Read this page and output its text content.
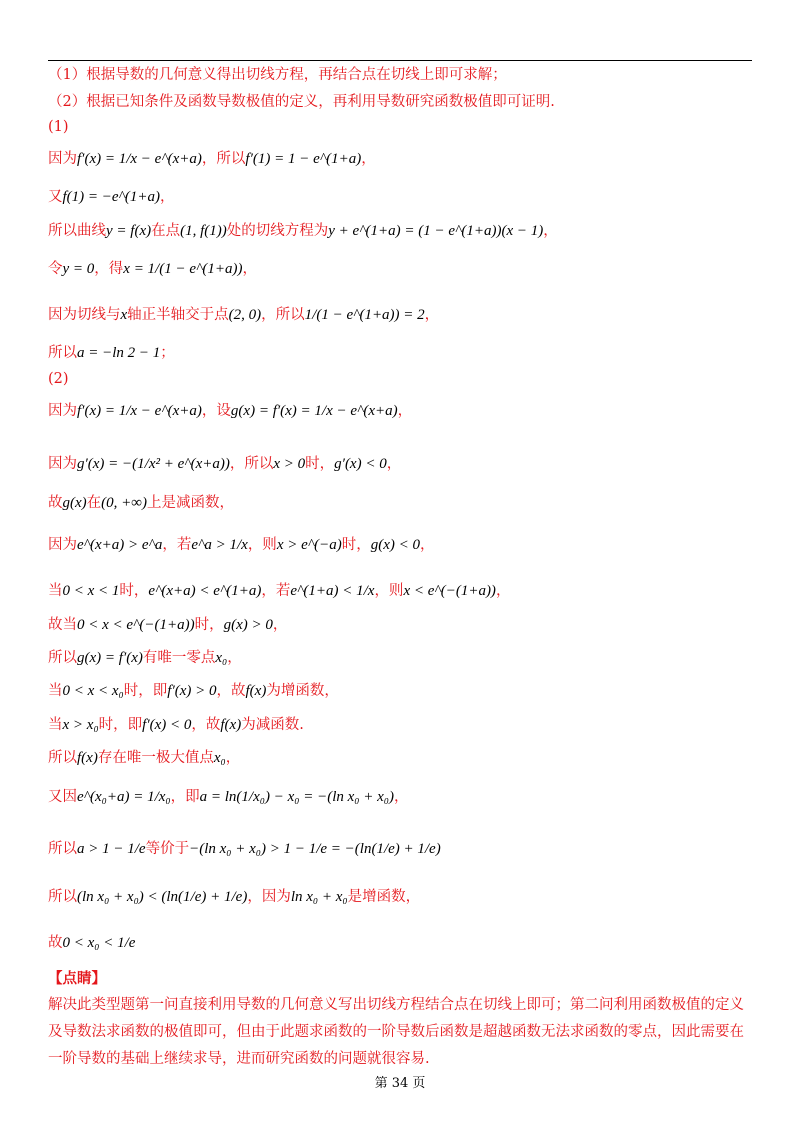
（1）根据导数的几何意义得出切线方程，再结合点在切线上即可求解；
（2）根据已知条件及函数导数极值的定义，再利用导数研究函数极值即可证明.
(1)
因为f′(x) = 1/x − e^(x+a)，所以f′(1) = 1 − e^(1+a)，
又f(1) = −e^(1+a)，
所以曲线y = f(x)在点(1, f(1))处的切线方程为y + e^(1+a) = (1 − e^(1+a))(x − 1)，
令y = 0，得x = 1/(1 − e^(1+a))，
因为切线与x轴正半轴交于点(2, 0)，所以1/(1 − e^(1+a)) = 2，
所以a = −ln 2 − 1；
(2)
因为f′(x) = 1/x − e^(x+a)，设g(x) = f′(x) = 1/x − e^(x+a)，
因为g′(x) = −(1/x² + e^(x+a))，所以x > 0时，g′(x) < 0，
故g(x)在(0, +∞)上是减函数，
因为e^(x+a) > e^a，若e^a > 1/x，则x > e^(−a)时，g(x) < 0，
当0 < x < 1时，e^(x+a) < e^(1+a)，若e^(1+a) < 1/x，则x < e^(−(1+a))，
故当0 < x < e^(−(1+a))时，g(x) > 0，
所以g(x) = f′(x)有唯一零点x₀，
当0 < x < x₀时，即f′(x) > 0，故f(x)为增函数，
当x > x₀时，即f′(x) < 0，故f(x)为减函数.
所以f(x)存在唯一极大值点x₀，
又因e^(x₀+a) = 1/x₀，即a = ln(1/x₀) − x₀ = −(ln x₀ + x₀)，
所以a > 1 − 1/e等价于−(ln x₀ + x₀) > 1 − 1/e = −(ln(1/e) + 1/e)
所以(ln x₀ + x₀) < (ln(1/e) + 1/e)，因为ln x₀ + x₀是增函数，
故0 < x₀ < 1/e
【点睛】
解决此类型题第一问直接利用导数的几何意义写出切线方程结合点在切线上即可；第二问利用函数极值的定义及导数法求函数的极值即可，但由于此题求函数的一阶导数后函数是超越函数无法求函数的零点，因此需要在一阶导数的基础上继续求导，进而研究函数的问题就很容易.
第 34 页
